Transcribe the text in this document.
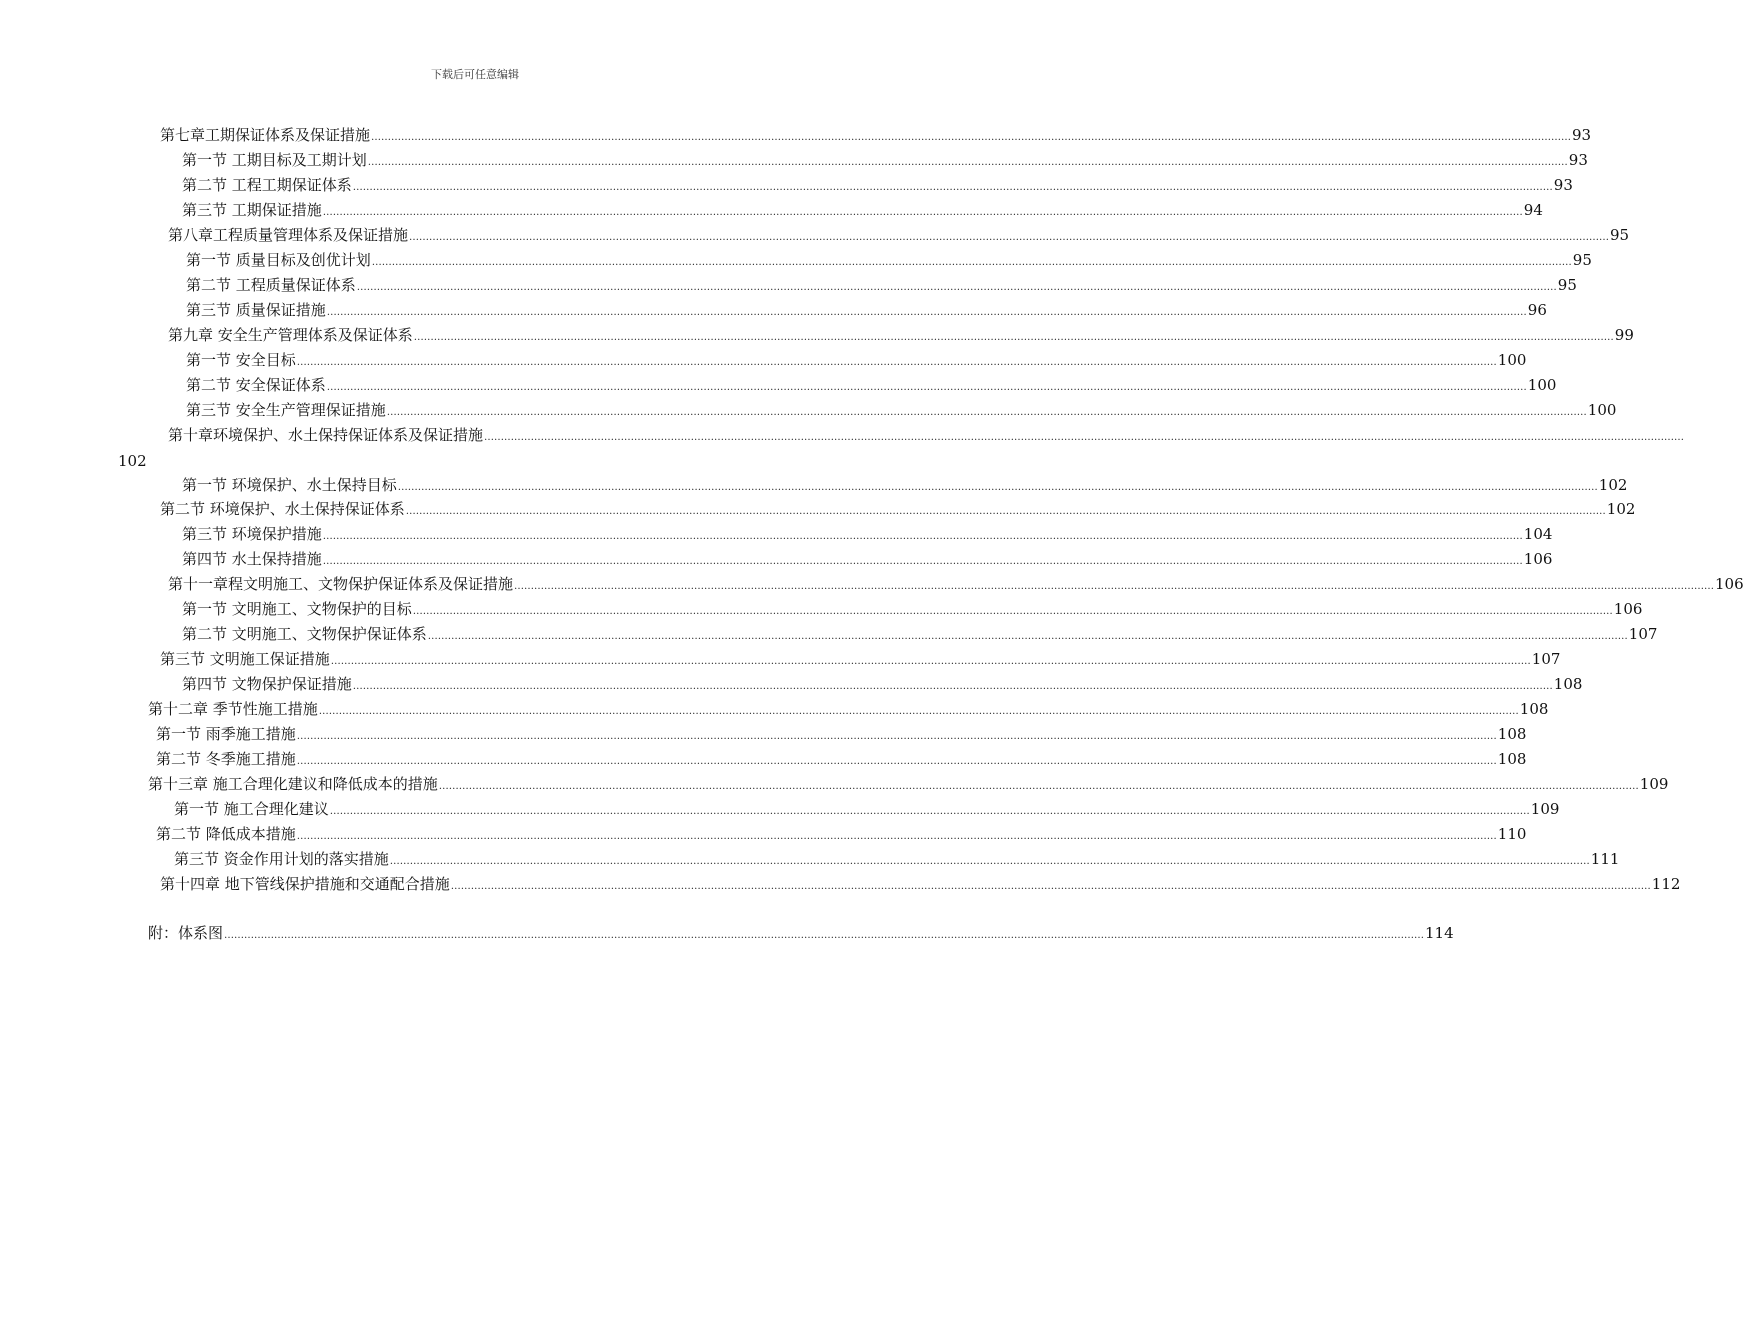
下载后可任意编辑
第七章工期保证体系及保证措施 ……………………………………………………………………………………………………………………………………………………………………………………………………………………………………………………………………………………………………………………………… 93
第一节 工期目标及工期计划 ……………………………………………………………………………………………………………………………………………………………………………………………………………………………………………………………………………………………………………………………… 93
第二节 工程工期保证体系 ……………………………………………………………………………………………………………………………………………………………………………………………………………………………………………………………………………………………………………………………… 93
第三节 工期保证措施 ……………………………………………………………………………………………………………………………………………………………………………………………………………………………………………………………………………………………………………………………… 94
第八章工程质量管理体系及保证措施 ……………………………………………………………………………………………………………………………………………………………………………………………………………………………………………………………………………………………………………………………… 95
第一节 质量目标及创优计划 ……………………………………………………………………………………………………………………………………………………………………………………………………………………………………………………………………………………………………………………………… 95
第二节 工程质量保证体系 ……………………………………………………………………………………………………………………………………………………………………………………………………………………………………………………………………………………………………………………………… 95
第三节 质量保证措施 ……………………………………………………………………………………………………………………………………………………………………………………………………………………………………………………………………………………………………………………………… 96
第九章 安全生产管理体系及保证体系 ……………………………………………………………………………………………………………………………………………………………………………………………………………………………………………………………………………………………………………………………… 99
第一节 安全目标 ……………………………………………………………………………………………………………………………………………………………………………………………………………………………………………………………………………………………………………………………… 100
第二节 安全保证体系 ……………………………………………………………………………………………………………………………………………………………………………………………………………………………………………………………………………………………………………………………… 100
第三节 安全生产管理保证措施 ……………………………………………………………………………………………………………………………………………………………………………………………………………………………………………………………………………………………………………………………… 100
第十章环境保护、水土保持保证体系及保证措施 ………………………………………………………………………………………………………………………………………………………………………………………………………………………………………………………………………………………………………………………………
102
第一节 环境保护、水土保持目标 ……………………………………………………………………………………………………………………………………………………………………………………………………………………………………………………………………………………………………………………………… 102
第二节 环境保护、水土保持保证体系 ……………………………………………………………………………………………………………………………………………………………………………………………………………………………………………………………………………………………………………………………… 102
第三节 环境保护措施 ……………………………………………………………………………………………………………………………………………………………………………………………………………………………………………………………………………………………………………………………… 104
第四节 水土保持措施 ……………………………………………………………………………………………………………………………………………………………………………………………………………………………………………………………………………………………………………………………… 106
第十一章程文明施工、文物保护保证体系及保证措施 ……………………………………………………………………………………………………………………………………………………………………………………………………………………………………………………………………………………………………………………………… 106
第一节 文明施工、文物保护的目标 ……………………………………………………………………………………………………………………………………………………………………………………………………………………………………………………………………………………………………………………………… 106
第二节 文明施工、文物保护保证体系 ……………………………………………………………………………………………………………………………………………………………………………………………………………………………………………………………………………………………………………………………… 107
第三节 文明施工保证措施 ……………………………………………………………………………………………………………………………………………………………………………………………………………………………………………………………………………………………………………………………… 107
第四节 文物保护保证措施 ……………………………………………………………………………………………………………………………………………………………………………………………………………………………………………………………………………………………………………………………… 108
第十二章 季节性施工措施 ……………………………………………………………………………………………………………………………………………………………………………………………………………………………………………………………………………………………………………………………… 108
第一节 雨季施工措施 ……………………………………………………………………………………………………………………………………………………………………………………………………………………………………………………………………………………………………………………………… 108
第二节 冬季施工措施 ……………………………………………………………………………………………………………………………………………………………………………………………………………………………………………………………………………………………………………………………… 108
第十三章 施工合理化建议和降低成本的措施 ……………………………………………………………………………………………………………………………………………………………………………………………………………………………………………………………………………………………………………………………… 109
第一节 施工合理化建议 ……………………………………………………………………………………………………………………………………………………………………………………………………………………………………………………………………………………………………………………………… 109
第二节 降低成本措施 ……………………………………………………………………………………………………………………………………………………………………………………………………………………………………………………………………………………………………………………………… 110
第三节 资金作用计划的落实措施 ……………………………………………………………………………………………………………………………………………………………………………………………………………………………………………………………………………………………………………………………… 111
第十四章 地下管线保护措施和交通配合措施 ……………………………………………………………………………………………………………………………………………………………………………………………………………………………………………………………………………………………………………………………… 112
附：体系图 ……………………………………………………………………………………………………………………………………………………………………………………………………………………………………………………………………………………………………………………………… 114
